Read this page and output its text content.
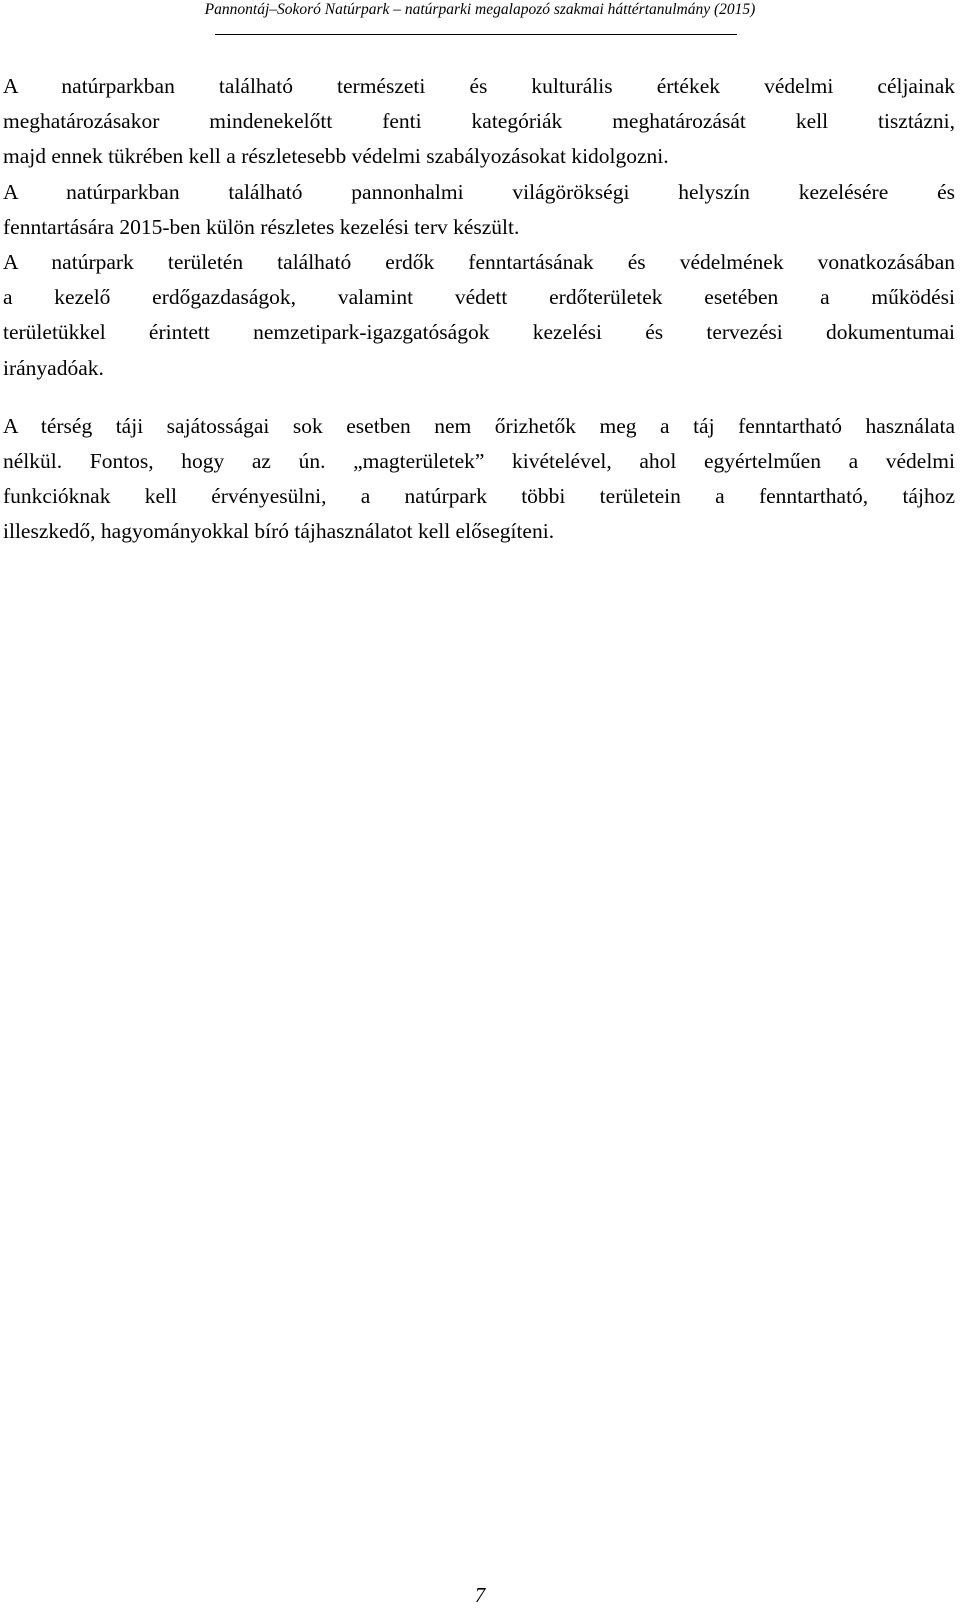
Pannontáj–Sokoró Natúrpark – natúrparki megalapozó szakmai háttértanulmány (2015)
A natúrparkban található természeti és kulturális értékek védelmi céljainak
meghatározásakor mindenekelőtt fenti kategóriák meghatározását kell tisztázni,
majd ennek tükrében kell a részletesebb védelmi szabályozásokat kidolgozni.
A natúrparkban található pannonhalmi világörökségi helyszín kezelésére és
fenntartására 2015-ben külön részletes kezelési terv készült.
A natúrpark területén található erdők fenntartásának és védelmének vonatkozásában
a kezelő erdőgazdaságok, valamint védett erdőterületek esetében a működési
területükkel érintett nemzetipark-igazgatóságok kezelési és tervezési dokumentumai
irányadóak.
A térség táji sajátosságai sok esetben nem őrizhetők meg a táj fenntartható használata
nélkül. Fontos, hogy az ún. „magterületek” kivételével, ahol egyértelműen a védelmi
funkcióknak kell érvényesülni, a natúrpark többi területein a fenntartható, tájhoz
illeszkedő, hagyományokkal bíró tájhasználatot kell elősegíteni.
7
